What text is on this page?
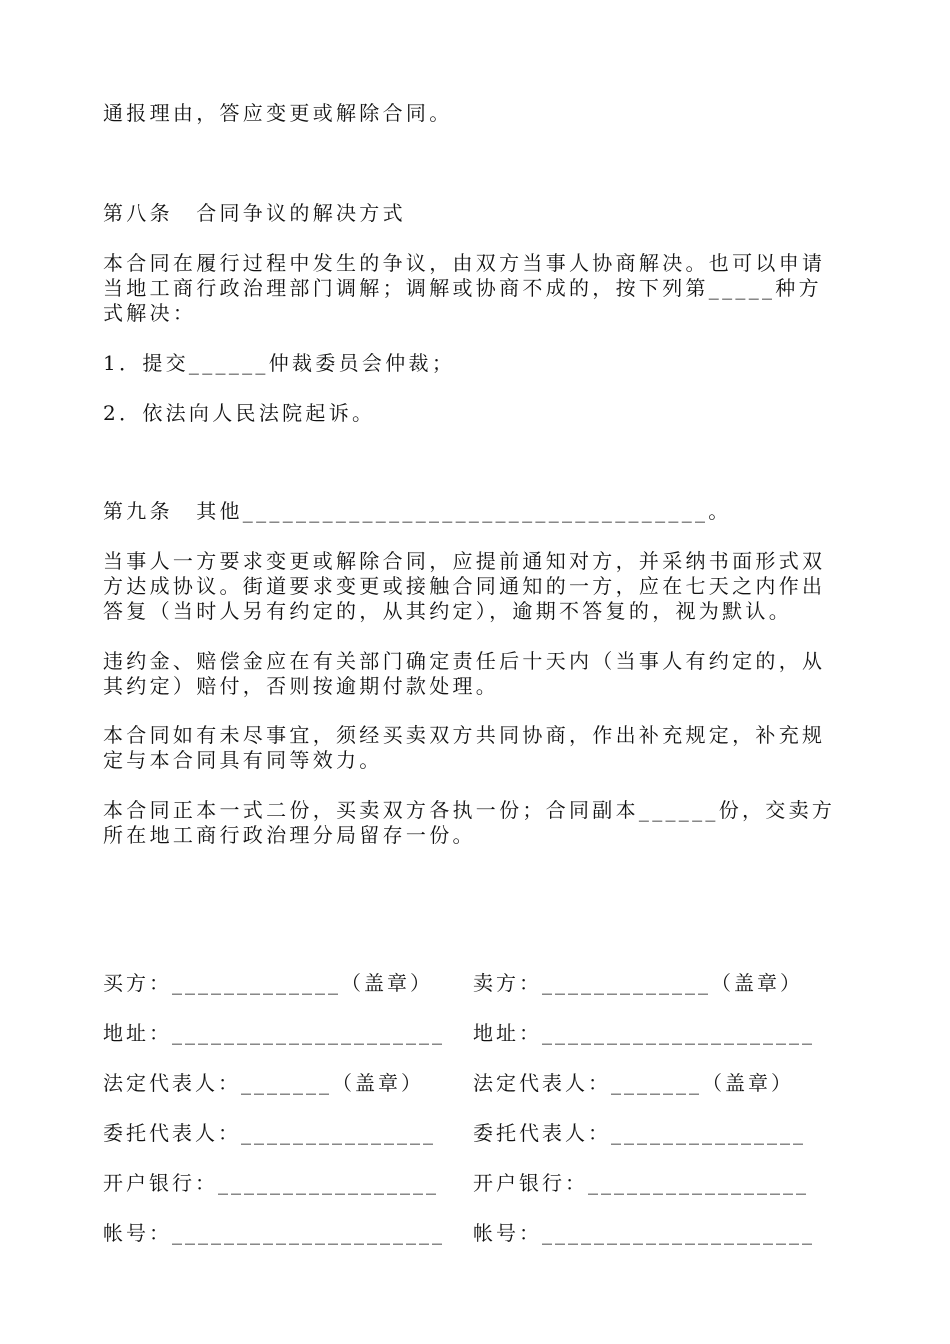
通报理由，答应变更或解除合同。
第八条　合同争议的解决方式
本合同在履行过程中发生的争议，由双方当事人协商解决。也可以申请
当地工商行政治理部门调解；调解或协商不成的，按下列第_____种方
式解决：
1．提交______仲裁委员会仲裁；
2．依法向人民法院起诉。
第九条　其他___________________________________。
当事人一方要求变更或解除合同，应提前通知对方，并采纳书面形式双
方达成协议。街道要求变更或接触合同通知的一方，应在七天之内作出
答复（当时人另有约定的，从其约定），逾期不答复的，视为默认。
违约金、赔偿金应在有关部门确定责任后十天内（当事人有约定的，从
其约定）赔付，否则按逾期付款处理。
本合同如有未尽事宜，须经买卖双方共同协商，作出补充规定，补充规
定与本合同具有同等效力。
本合同正本一式二份，买卖双方各执一份；合同副本______份，交卖方
所在地工商行政治理分局留存一份。
买方：_____________（盖章）
地址：_____________________
法定代表人：_______（盖章）
委托代表人：_______________
开户银行：_________________
帐号：_____________________
卖方：_____________（盖章）
地址：_____________________
法定代表人：_______（盖章）
委托代表人：_______________
开户银行：_________________
帐号：_____________________
